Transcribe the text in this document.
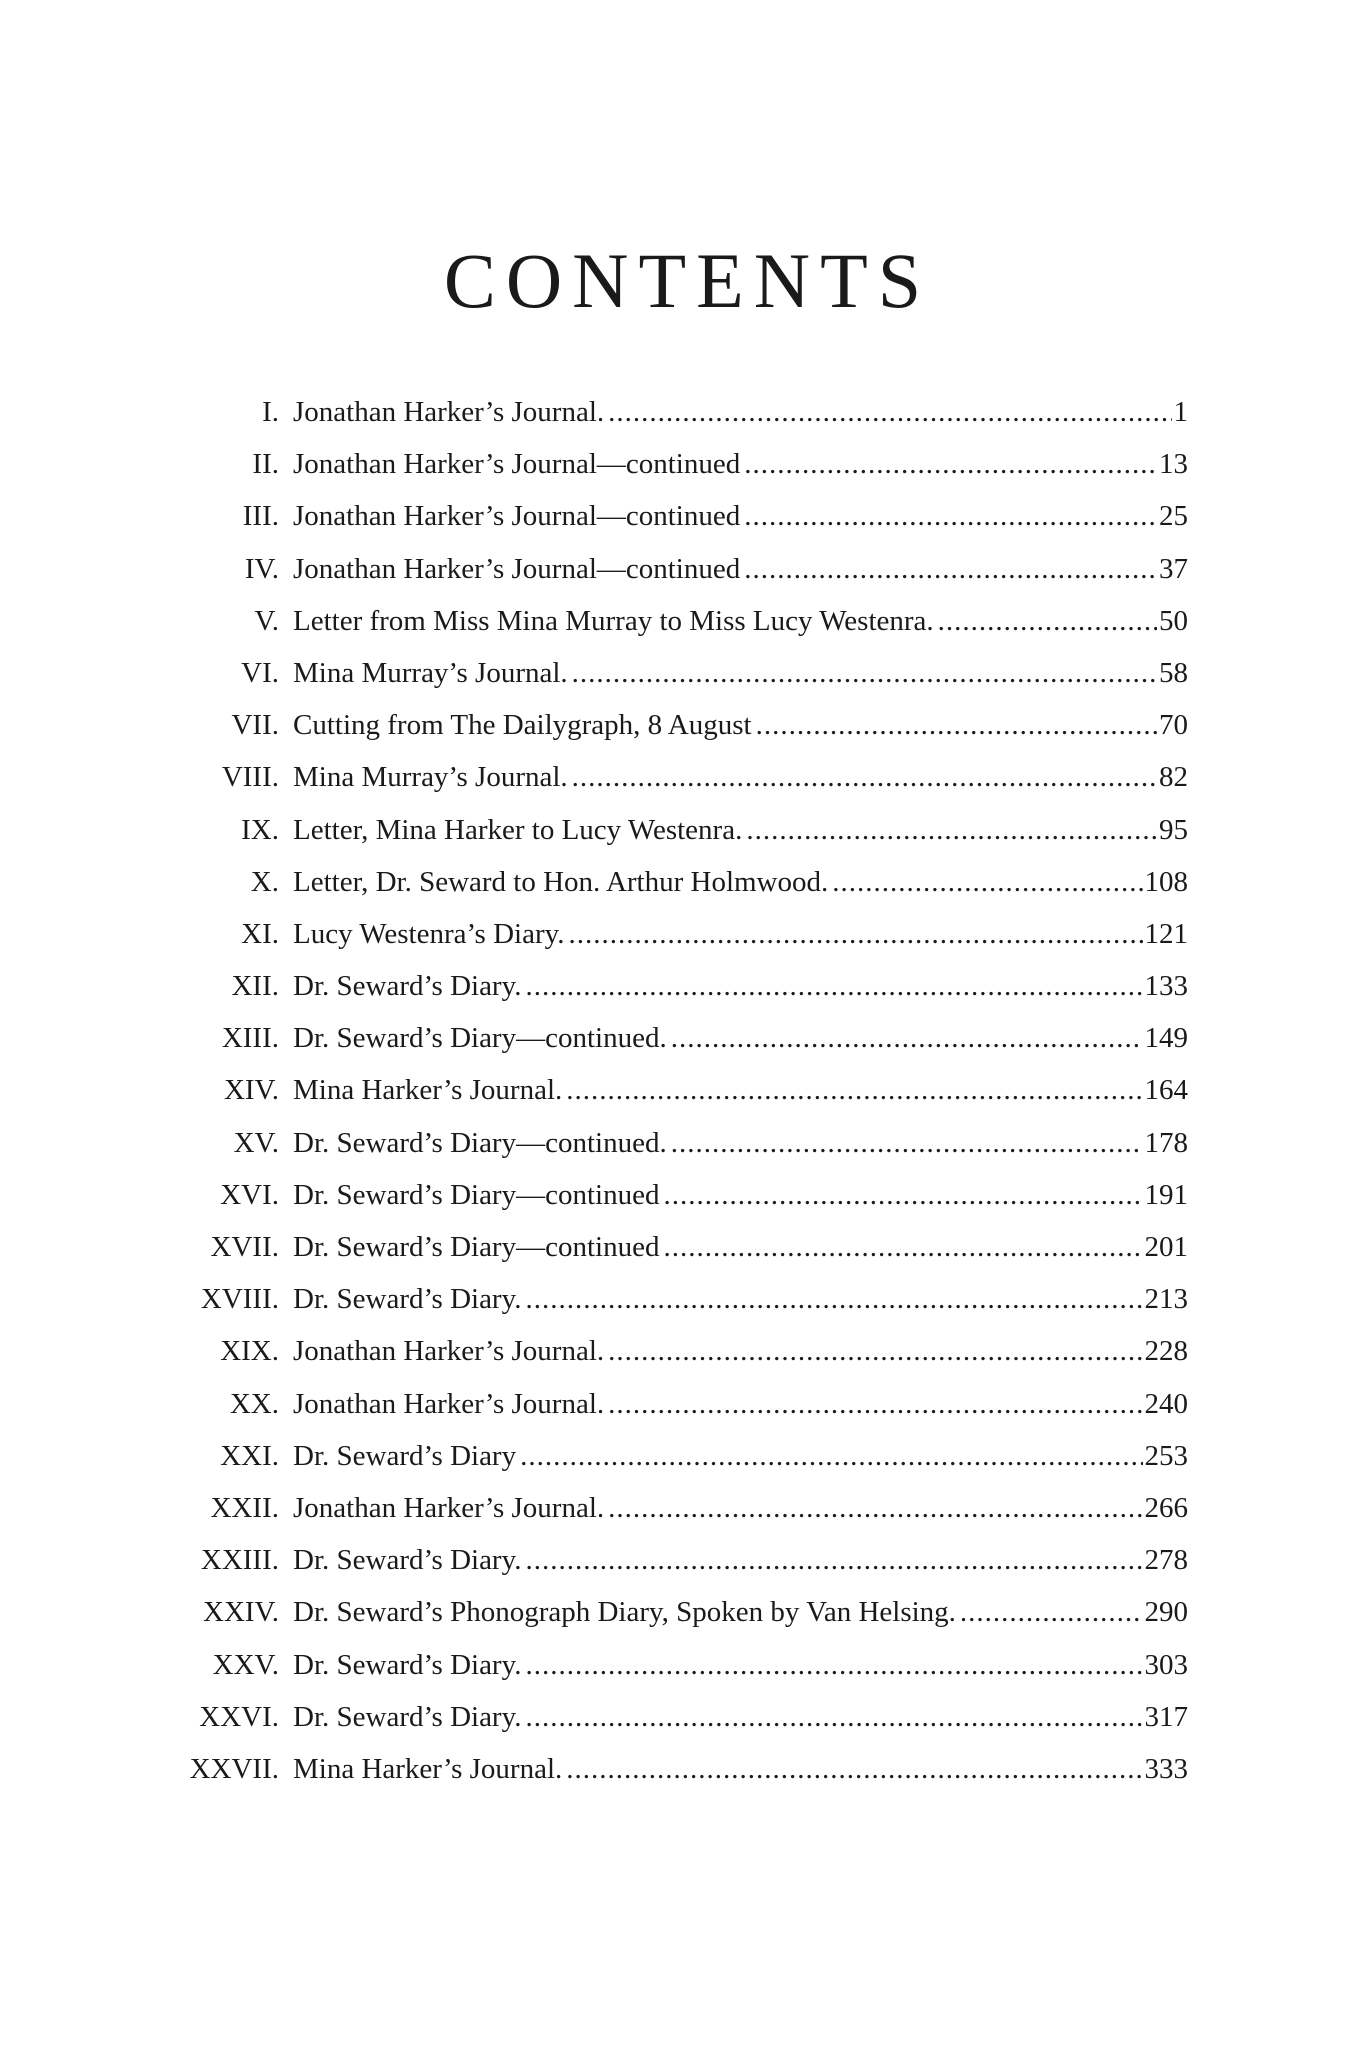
CONTENTS
I. Jonathan Harker’s Journal. .....	1
II. Jonathan Harker’s Journal—continued .....	13
III. Jonathan Harker’s Journal—continued .....	25
IV. Jonathan Harker’s Journal—continued .....	37
V. Letter from Miss Mina Murray to Miss Lucy Westenra. .....	50
VI. Mina Murray’s Journal. .....	58
VII. Cutting from The Dailygraph, 8 August .....	70
VIII. Mina Murray’s Journal. .....	82
IX. Letter, Mina Harker to Lucy Westenra. .....	95
X. Letter, Dr. Seward to Hon. Arthur Holmwood. .....	108
XI. Lucy Westenra’s Diary. .....	121
XII. Dr. Seward’s Diary. .....	133
XIII. Dr. Seward’s Diary—continued. .....	149
XIV. Mina Harker’s Journal. .....	164
XV. Dr. Seward’s Diary—continued. .....	178
XVI. Dr. Seward’s Diary—continued .....	191
XVII. Dr. Seward’s Diary—continued .....	201
XVIII. Dr. Seward’s Diary. .....	213
XIX. Jonathan Harker’s Journal. .....	228
XX. Jonathan Harker’s Journal. .....	240
XXI. Dr. Seward’s Diary .....	253
XXII. Jonathan Harker’s Journal. .....	266
XXIII. Dr. Seward’s Diary. .....	278
XXIV. Dr. Seward’s Phonograph Diary, Spoken by Van Helsing. .....	290
XXV. Dr. Seward’s Diary. .....	303
XXVI. Dr. Seward’s Diary. .....	317
XXVII. Mina Harker’s Journal. .....	333
